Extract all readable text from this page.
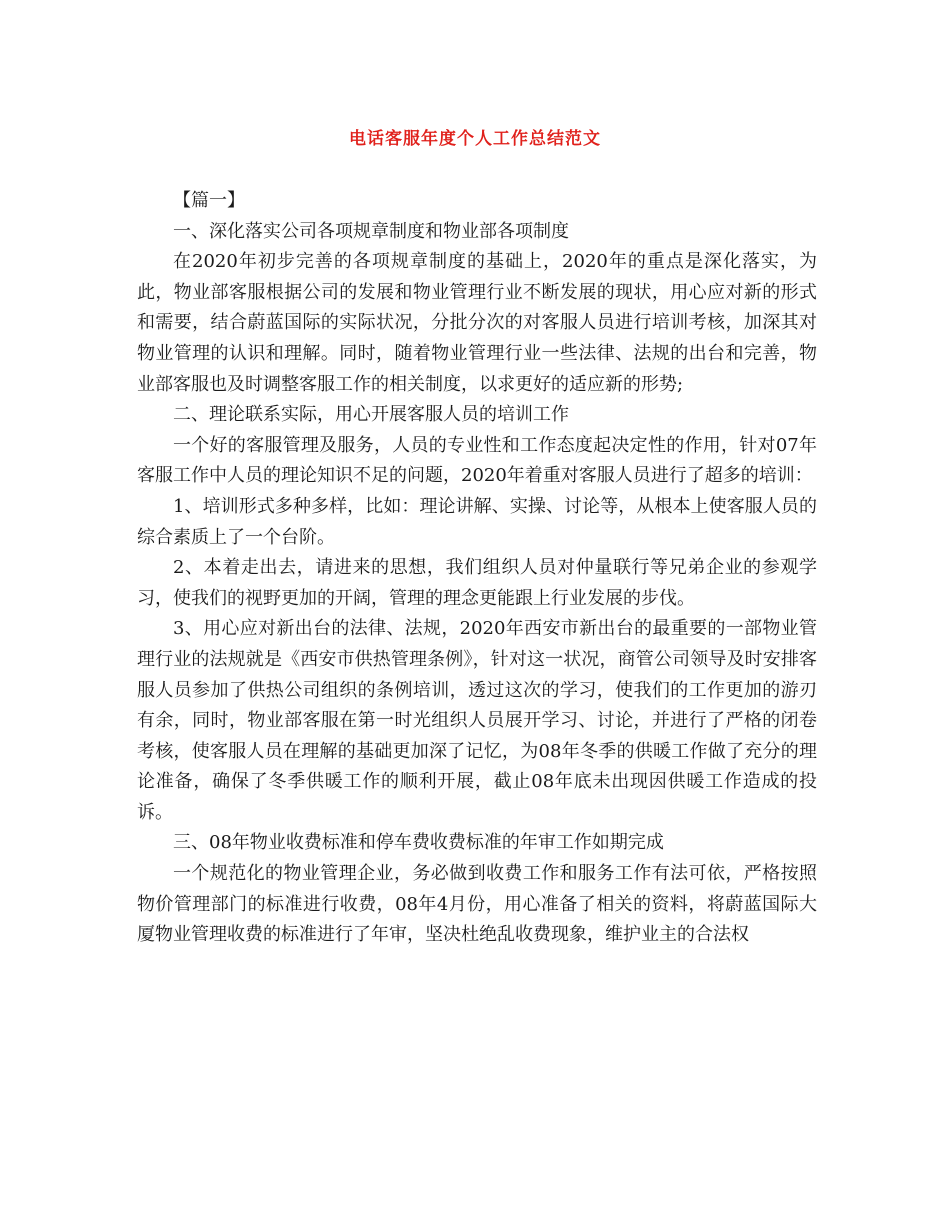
电话客服年度个人工作总结范文

【篇一】

一、深化落实公司各项规章制度和物业部各项制度

在2020年初步完善的各项规章制度的基础上，2020年的重点是深化落实，为此，物业部客服根据公司的发展和物业管理行业不断发展的现状，用心应对新的形式和需要，结合蔚蓝国际的实际状况，分批分次的对客服人员进行培训考核，加深其对物业管理的认识和理解。同时，随着物业管理行业一些法律、法规的出台和完善，物业部客服也及时调整客服工作的相关制度，以求更好的适应新的形势;

二、理论联系实际，用心开展客服人员的培训工作

一个好的客服管理及服务，人员的专业性和工作态度起决定性的作用，针对07年客服工作中人员的理论知识不足的问题，2020年着重对客服人员进行了超多的培训：

1、培训形式多种多样，比如：理论讲解、实操、讨论等，从根本上使客服人员的综合素质上了一个台阶。

2、本着走出去，请进来的思想，我们组织人员对仲量联行等兄弟企业的参观学习，使我们的视野更加的开阔，管理的理念更能跟上行业发展的步伐。

3、用心应对新出台的法律、法规，2020年西安市新出台的最重要的一部物业管理行业的法规就是《西安市供热管理条例》，针对这一状况，商管公司领导及时安排客服人员参加了供热公司组织的条例培训，透过这次的学习，使我们的工作更加的游刃有余，同时，物业部客服在第一时光组织人员展开学习、讨论，并进行了严格的闭卷考核，使客服人员在理解的基础更加深了记忆，为08年冬季的供暖工作做了充分的理论准备，确保了冬季供暖工作的顺利开展，截止08年底未出现因供暖工作造成的投诉。

三、08年物业收费标准和停车费收费标准的年审工作如期完成

一个规范化的物业管理企业，务必做到收费工作和服务工作有法可依，严格按照物价管理部门的标准进行收费，08年4月份，用心准备了相关的资料，将蔚蓝国际大厦物业管理收费的标准进行了年审，坚决杜绝乱收费现象，维护业主的合法权
